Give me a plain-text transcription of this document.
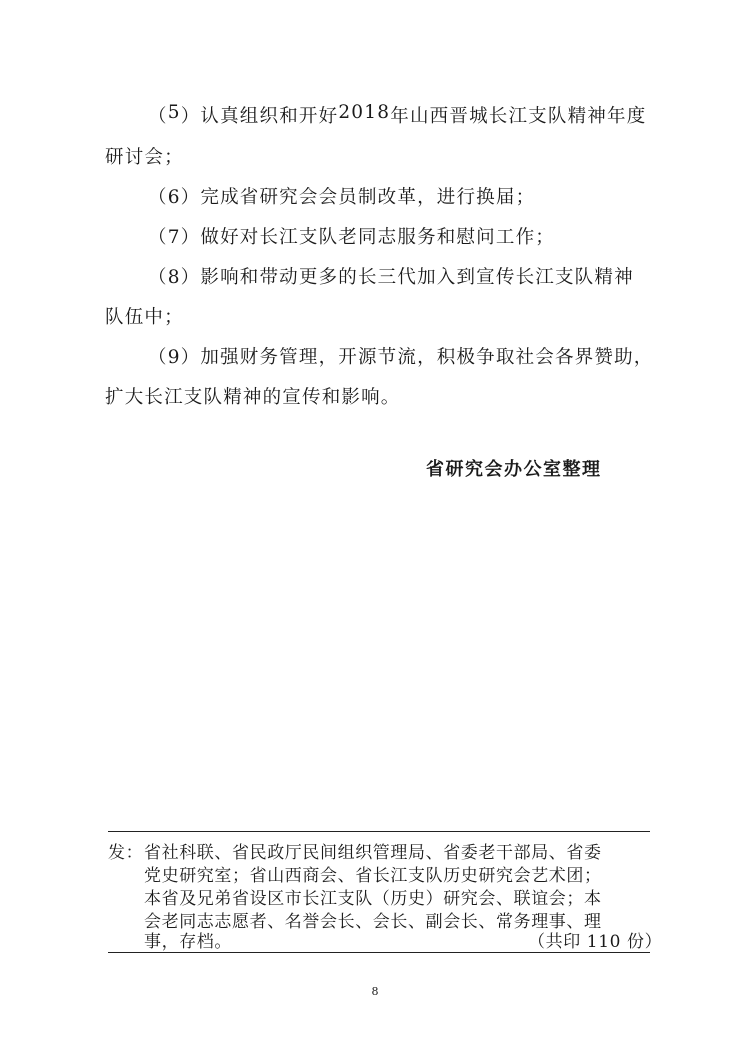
（ 5 ） 认 真 组 织 和 开 好 2 0 1 8 年 山 西 晋 城 长 江 支 队 精 神 年 度
研讨会；
（6）完成省研究会会员制改革，进行换届；
（7）做好对长江支队老同志服务和慰问工作；
（8）影响和带动更多的长三代加入到宣传长江支队精神
队伍中；
（9）加强财务管理，开源节流，积极争取社会各界赞助，
扩大长江支队精神的宣传和影响。
省研究会办公室整理
发： 省社科联、省民政厅民间组织管理局、省委老干部局、省委
党史研究室；省山西商会、省长江支队历史研究会艺术团；
本省及兄弟省设区市长江支队（历史）研究会、联谊会；本
会老同志志愿者、名誉会长、会长、副会长、常务理事、理
事，存档。	（共印 110 份）
8
